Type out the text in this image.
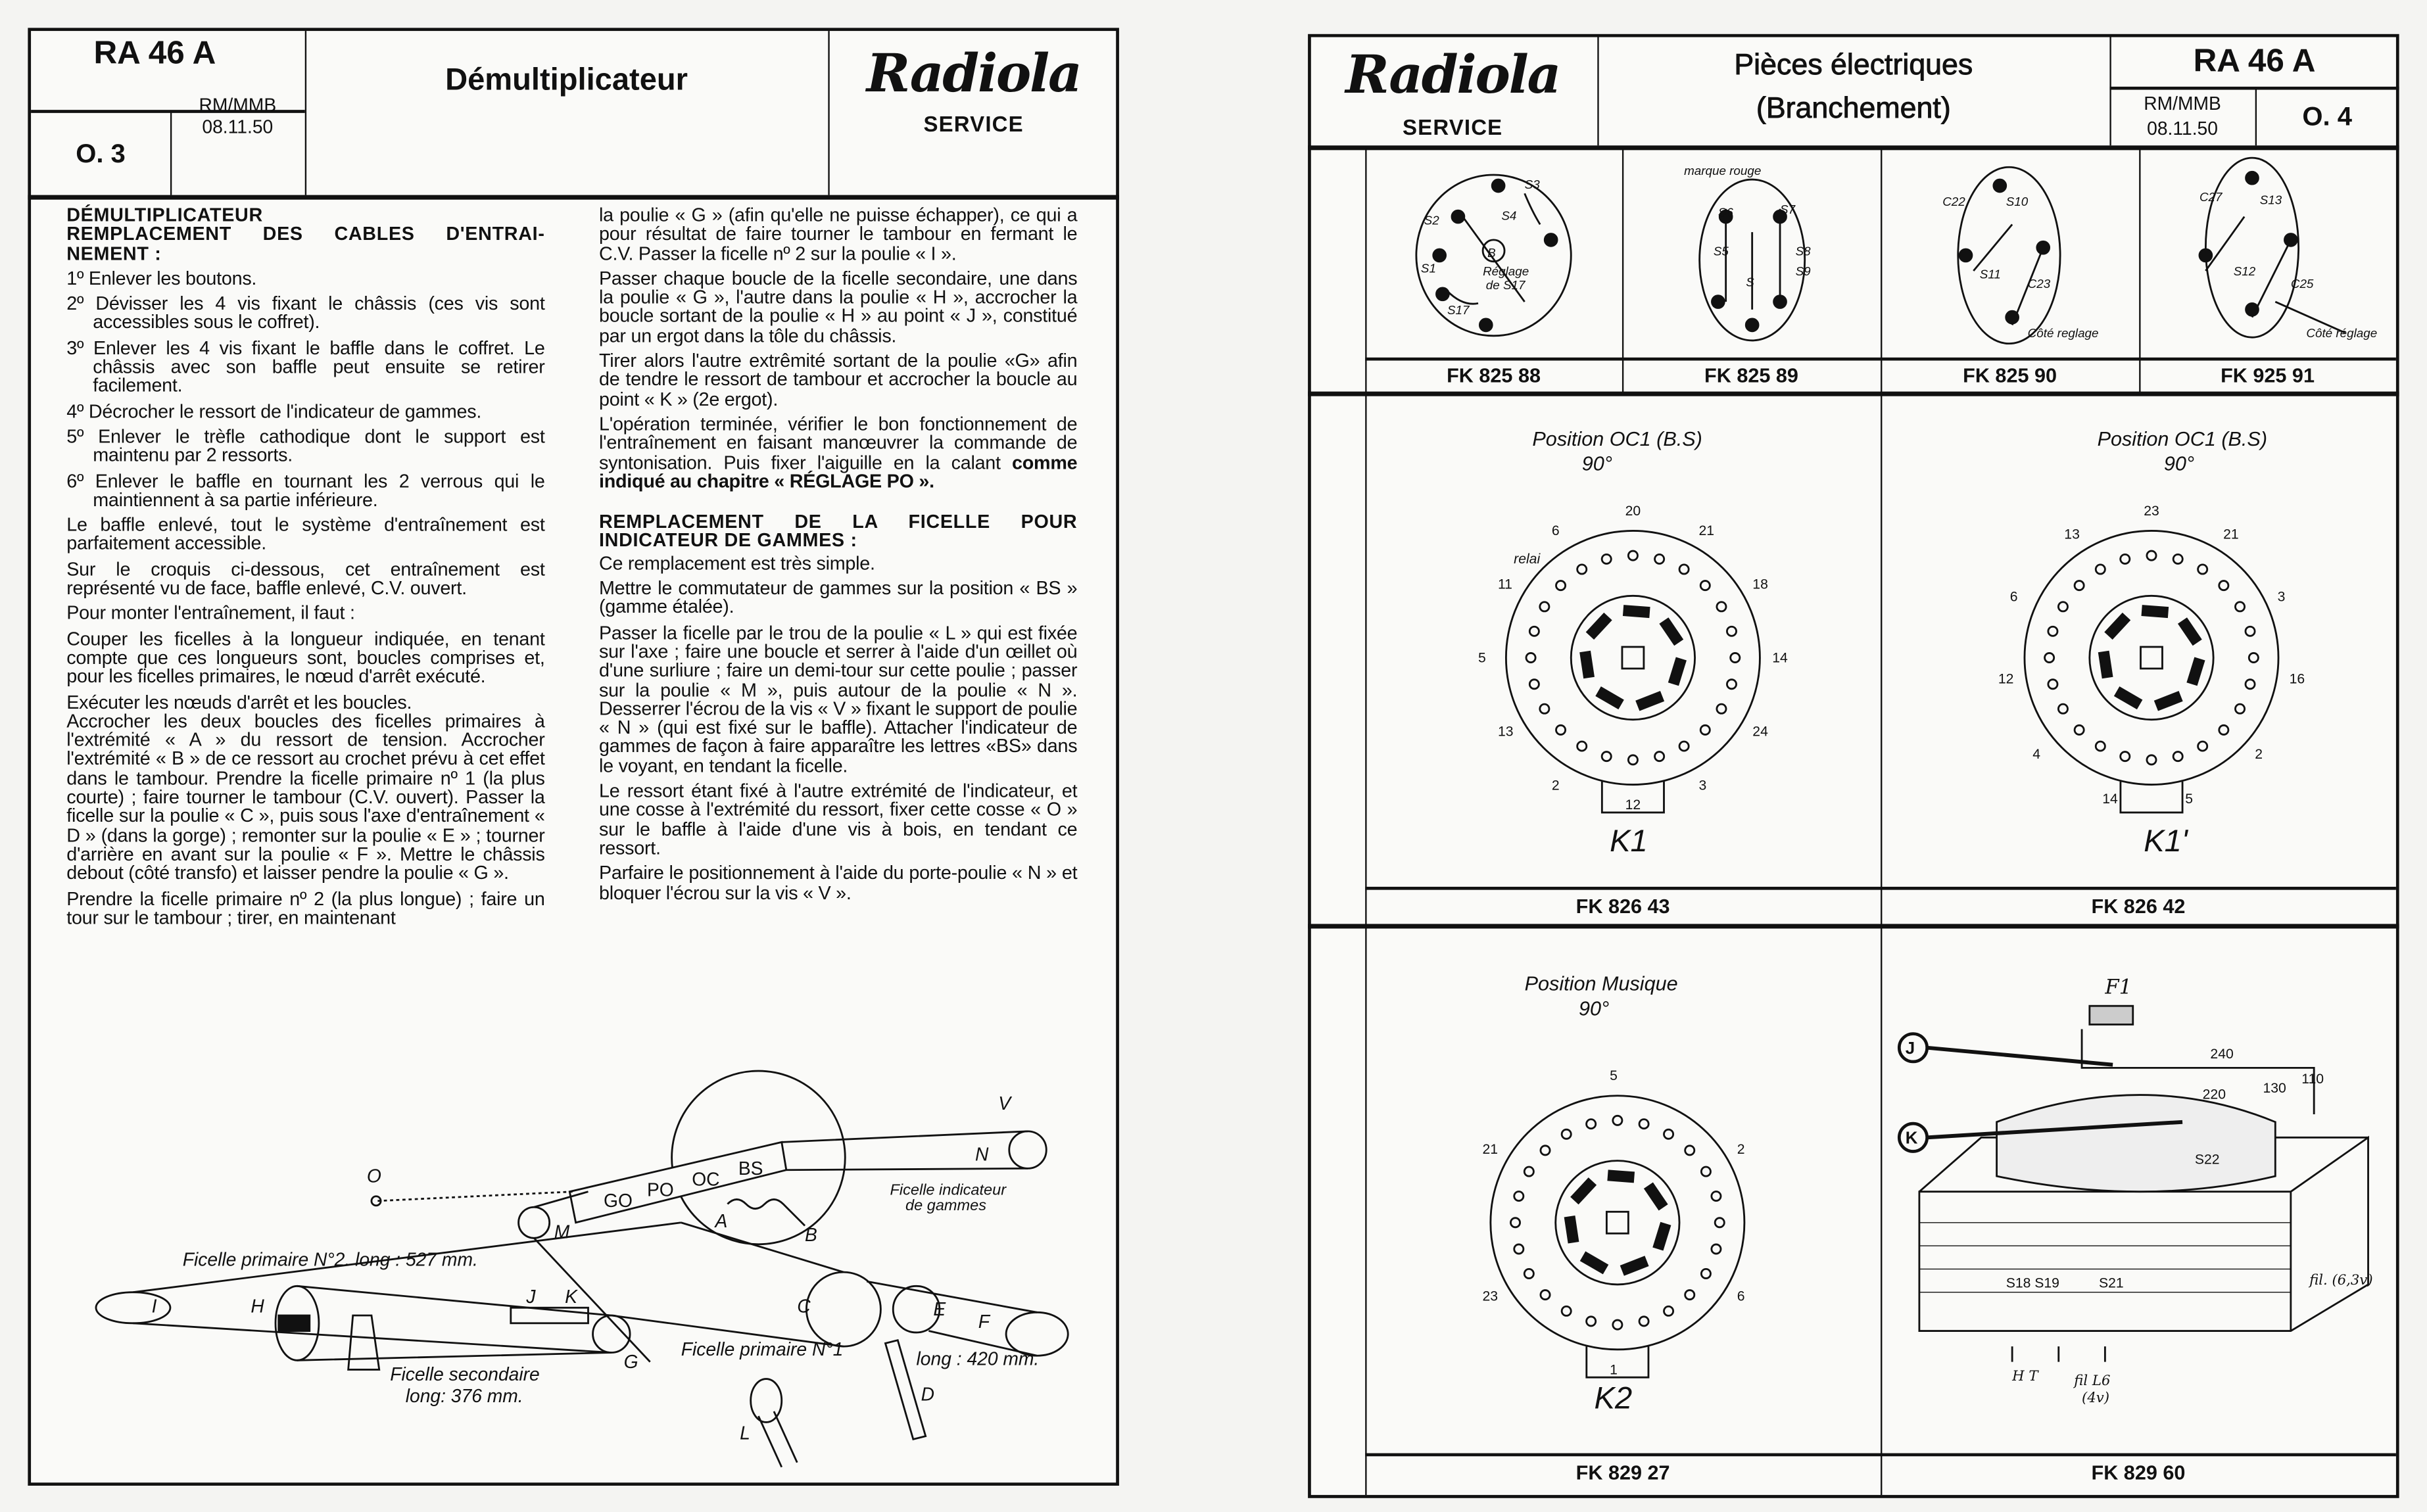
RA 46 A
O. 3
RM/MMB
08.11.50
Démultiplicateur	Radiola
SERVICE
DÉMULTIPLICATEUR
REMPLACEMENT DES CABLES D'ENTRAI-NEMENT :

1º Enlever les boutons.

2º Dévisser les 4 vis fixant le châssis (ces vis sont accessibles sous le coffret).

3º Enlever les 4 vis fixant le baffle dans le coffret. Le châssis avec son baffle peut ensuite se retirer facilement.

4º Décrocher le ressort de l'indicateur de gammes.

5º Enlever le trèfle cathodique dont le support est maintenu par 2 ressorts.

6º Enlever le baffle en tournant les 2 verrous qui le maintiennent à sa partie inférieure.

Le baffle enlevé, tout le système d'entraînement est parfaitement accessible.

Sur le croquis ci-dessous, cet entraînement est représenté vu de face, baffle enlevé, C.V. ouvert.

Pour monter l'entraînement, il faut :

Couper les ficelles à la longueur indiquée, en tenant compte que ces longueurs sont, boucles comprises et, pour les ficelles primaires, le nœud d'arrêt exécuté.

Exécuter les nœuds d'arrêt et les boucles.

Accrocher les deux boucles des ficelles primaires à l'extrémité « A » du ressort de tension. Accrocher l'extrémité « B » de ce ressort au crochet prévu à cet effet dans le tambour. Prendre la ficelle primaire nº 1 (la plus courte) ; faire tourner le tambour (C.V. ouvert). Passer la ficelle sur la poulie « C », puis sous l'axe d'entraînement « D » (dans la gorge) ; remonter sur la poulie « E » ; tourner d'arrière en avant sur la poulie « F ». Mettre le châssis debout (côté transfo) et laisser pendre la poulie « G ».

Prendre la ficelle primaire nº 2 (la plus longue) ; faire un tour sur le tambour ; tirer, en maintenant

la poulie « G » (afin qu'elle ne puisse échapper), ce qui a pour résultat de faire tourner le tambour en fermant le C.V. Passer la ficelle nº 2 sur la poulie « I ».

Passer chaque boucle de la ficelle secondaire, une dans la poulie « G », l'autre dans la poulie « H », accrocher la boucle sortant de la poulie « H » au point « J », constitué par un ergot dans la tôle du châssis.

Tirer alors l'autre extrêmité sortant de la poulie «G» afin de tendre le ressort de tambour et accrocher la boucle au point « K » (2e ergot).

L'opération terminée, vérifier le bon fonctionnement de l'entraînement en faisant manœuvrer la commande de syntonisation. Puis fixer l'aiguille en la calant comme indiqué au chapitre « RÉGLAGE PO ».

REMPLACEMENT DE LA FICELLE POUR INDICATEUR DE GAMMES :

Ce remplacement est très simple.

Mettre le commutateur de gammes sur la position « BS » (gamme étalée).

Passer la ficelle par le trou de la poulie « L » qui est fixée sur l'axe ; faire une boucle et serrer à l'aide d'un œillet où d'une surliure ; faire un demi-tour sur cette poulie ; passer sur la poulie « M », puis autour de la poulie « N ». Desserrer l'écrou de la vis « V » fixant le support de poulie « N » (qui est fixé sur le baffle). Attacher l'indicateur de gammes de façon à faire apparaître les lettres «BS» dans le voyant, en tendant la ficelle.

Le ressort étant fixé à l'autre extrémité de l'indicateur, et une cosse à l'extrémité du ressort, fixer cette cosse « O » sur le baffle à l'aide d'une vis à bois, en tendant ce ressort.

Parfaire le positionnement à l'aide du porte-poulie « N » et bloquer l'écrou sur la vis « V ».

Radiola
SERVICE
Pièces électriques
(Branchement)
RA 46 A
RM/MMB
08.11.50	O. 4
FK 825 88	FK 825 89	FK 825 90	FK 925 91
FK 826 43	FK 826 42
FK 829 27	FK 829 60
GO
PO
OC
BS
O
V
N
M
A
B
I	H	J	K	C	E
F
G
D
L
Ficelle indicateur
de gammes
Ficelle primaire N°2. long : 527 mm.
Ficelle secondaire
long: 376 mm.
Ficelle primaire N°1	long : 420 mm.
S3
S4
S2
B
Réglage
de S17
S1
S17
marque rouge
S6	S7
S5	S8
S9
S
C22	S10
S11
C23
Côté reglage
C27	S13
S12
C25
Côté réglage
Position OC1 (B.S)
90°
K1
relai
Position OC1 (B.S)
90°
K1'
Position Musique
90°
K2
20
21
18
14
24
3
12
2
13
5
11
6
23
21
3
16
2
5
14
4
12
6
13
5
2
6
1
23
21
F1
J
K
240
220	130
110
S22
S18 S19	S21	fil. (6,3v)
H T	fil L6
(4v)
